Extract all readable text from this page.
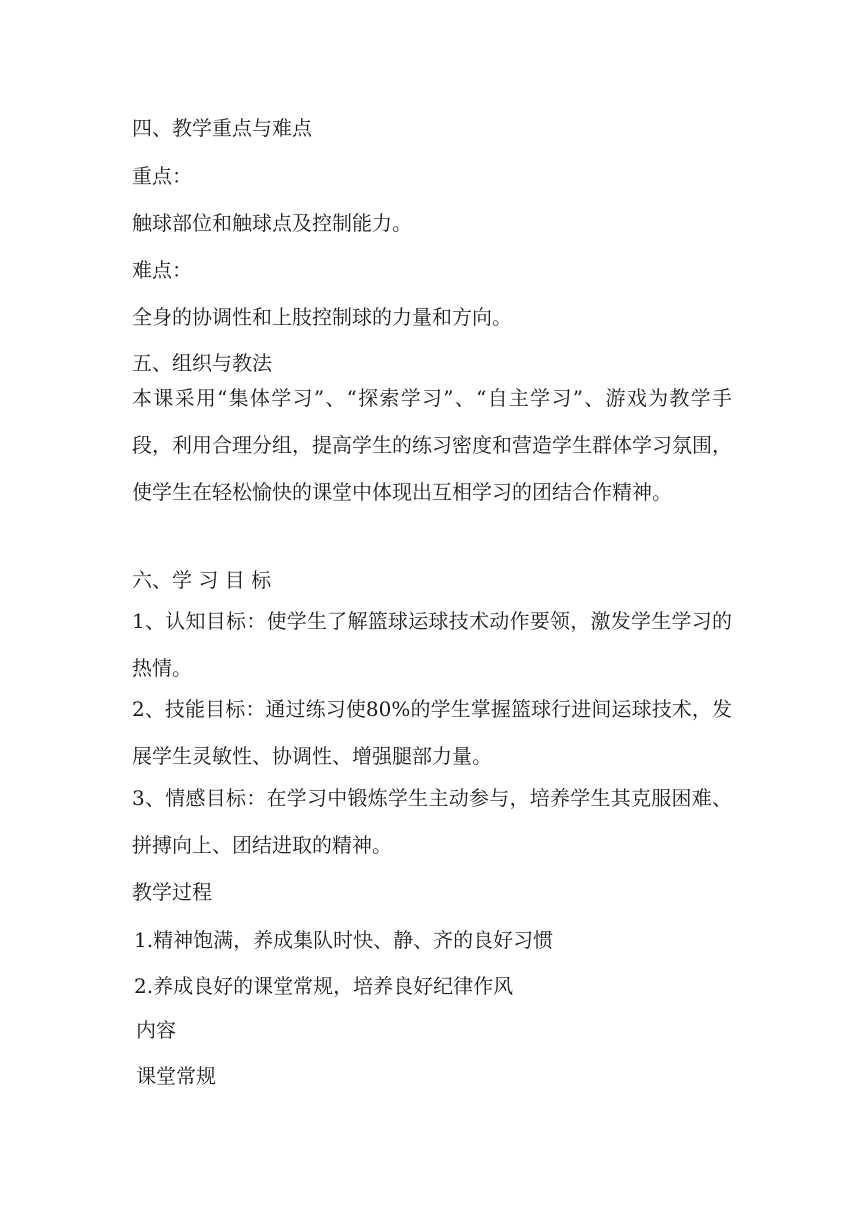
四、教学重点与难点
重点：
触球部位和触球点及控制能力。
难点：
全身的协调性和上肢控制球的力量和方向。
五、组织与教法
本课采用“集体学习”、“探索学习”、“自主学习”、游戏为教学手段，利用合理分组，提高学生的练习密度和营造学生群体学习氛围，使学生在轻松愉快的课堂中体现出互相学习的团结合作精神。
六、学 习 目 标
1、认知目标：使学生了解篮球运球技术动作要领，激发学生学习的热情。
2、技能目标：通过练习使80%的学生掌握篮球行进间运球技术，发展学生灵敏性、协调性、增强腿部力量。
3、情感目标：在学习中锻炼学生主动参与，培养学生其克服困难、拼搏向上、团结进取的精神。
教学过程
1.精神饱满，养成集队时快、静、齐的良好习惯
2.养成良好的课堂常规，培养良好纪律作风
内容
课堂常规
